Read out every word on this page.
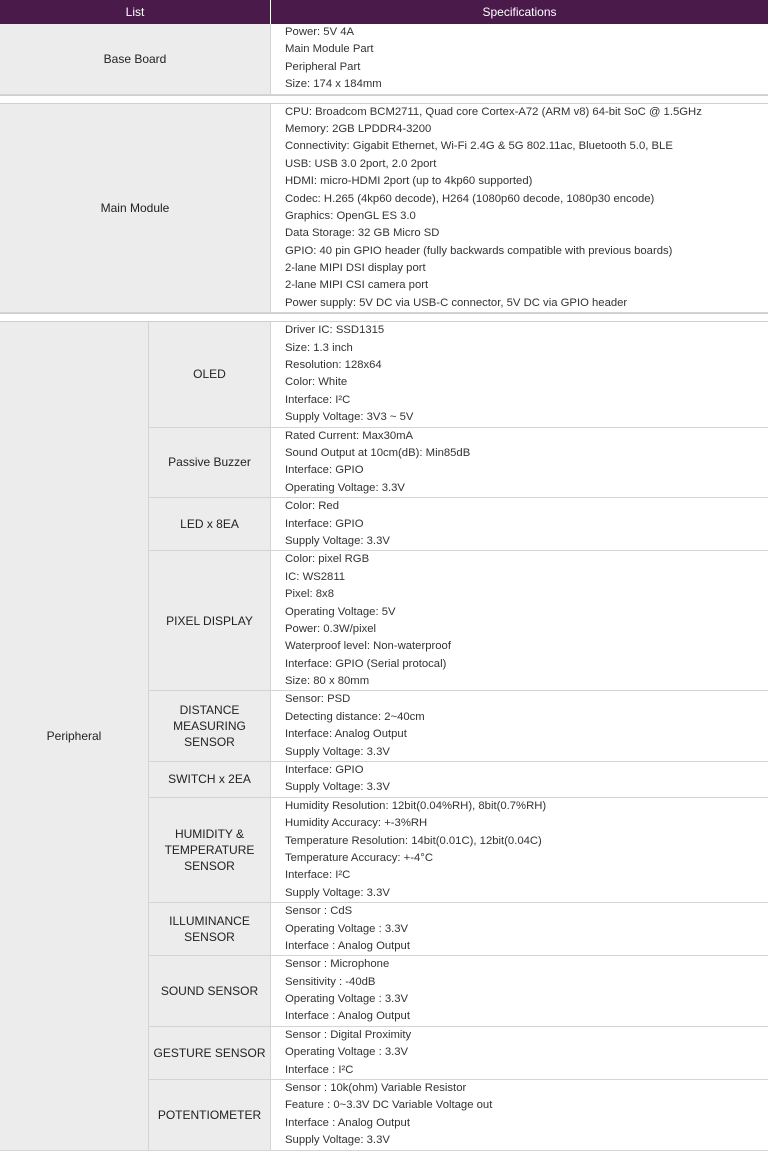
List	Specifications
Base Board
Power: 5V 4A
Main Module Part
Peripheral Part
Size: 174 x 184mm
Main Module
CPU: Broadcom BCM2711, Quad core Cortex-A72 (ARM v8) 64-bit SoC @ 1.5GHz
Memory: 2GB LPDDR4-3200
Connectivity: Gigabit Ethernet, Wi-Fi 2.4G & 5G 802.11ac, Bluetooth 5.0, BLE
USB: USB 3.0 2port, 2.0 2port
HDMI: micro-HDMI 2port (up to 4kp60 supported)
Codec: H.265 (4kp60 decode), H264 (1080p60 decode, 1080p30 encode)
Graphics: OpenGL ES 3.0
Data Storage: 32 GB Micro SD
GPIO: 40 pin GPIO header (fully backwards compatible with previous boards)
2-lane MIPI DSI display port
2-lane MIPI CSI camera port
Power supply: 5V DC via USB-C connector, 5V DC via GPIO header
Peripheral
OLED
Driver IC: SSD1315
Size: 1.3 inch
Resolution: 128x64
Color: White
Interface: I²C
Supply Voltage: 3V3 ~ 5V
Passive Buzzer
Rated Current: Max30mA
Sound Output at 10cm(dB): Min85dB
Interface: GPIO
Operating Voltage: 3.3V
LED x 8EA
Color: Red
Interface: GPIO
Supply Voltage: 3.3V
PIXEL DISPLAY
Color: pixel RGB
IC: WS2811
Pixel: 8x8
Operating Voltage: 5V
Power: 0.3W/pixel
Waterproof level: Non-waterproof
Interface: GPIO (Serial protocal)
Size: 80 x 80mm
DISTANCE MEASURING SENSOR
Sensor: PSD
Detecting distance: 2~40cm
Interface: Analog Output
Supply Voltage: 3.3V
SWITCH x 2EA
Interface: GPIO
Supply Voltage: 3.3V
HUMIDITY & TEMPERATURE SENSOR
Humidity Resolution: 12bit(0.04%RH), 8bit(0.7%RH)
Humidity Accuracy: +-3%RH
Temperature Resolution: 14bit(0.01C), 12bit(0.04C)
Temperature Accuracy: +-4°C
Interface: I²C
Supply Voltage: 3.3V
ILLUMINANCE SENSOR
Sensor : CdS
Operating Voltage : 3.3V
Interface : Analog Output
SOUND SENSOR
Sensor : Microphone
Sensitivity : -40dB
Operating Voltage : 3.3V
Interface : Analog Output
GESTURE SENSOR
Sensor : Digital Proximity
Operating Voltage : 3.3V
Interface : I²C
POTENTIOMETER
Sensor : 10k(ohm) Variable Resistor
Feature : 0~3.3V DC Variable Voltage out
Interface : Analog Output
Supply Voltage: 3.3V
